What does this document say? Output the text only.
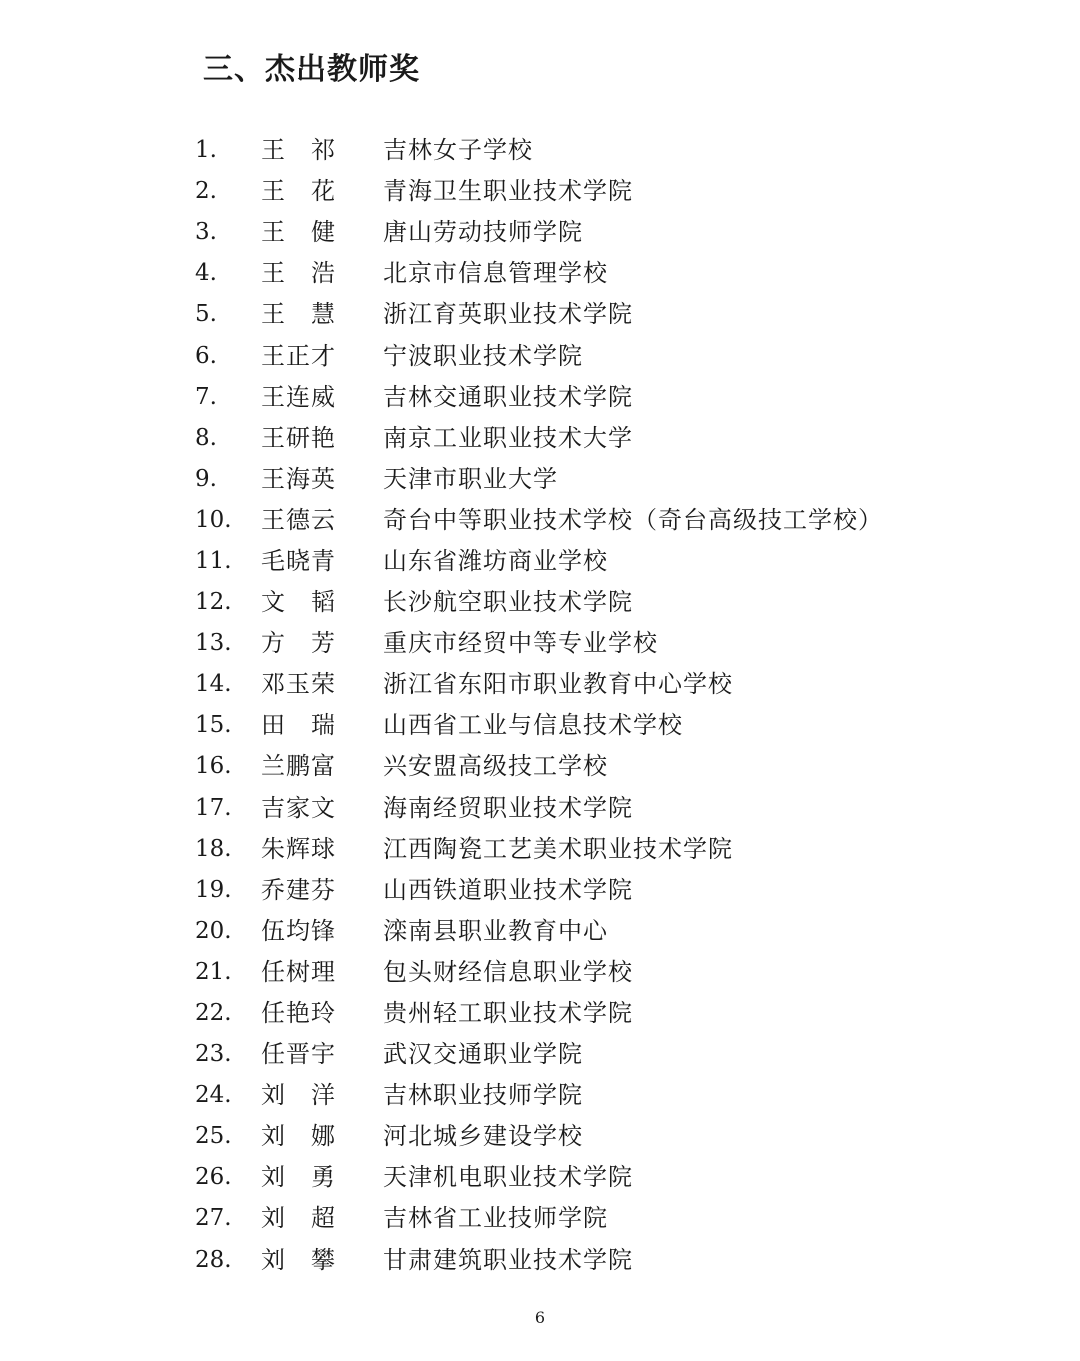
三、杰出教师奖
1.	王　祁	吉林女子学校
2.	王　花	青海卫生职业技术学院
3.	王　健	唐山劳动技师学院
4.	王　浩	北京市信息管理学校
5.	王　慧	浙江育英职业技术学院
6.	王正才	宁波职业技术学院
7.	王连威	吉林交通职业技术学院
8.	王研艳	南京工业职业技术大学
9.	王海英	天津市职业大学
10.	王德云	奇台中等职业技术学校（奇台高级技工学校）
11.	毛晓青	山东省潍坊商业学校
12.	文　韬	长沙航空职业技术学院
13.	方　芳	重庆市经贸中等专业学校
14.	邓玉荣	浙江省东阳市职业教育中心学校
15.	田　瑞	山西省工业与信息技术学校
16.	兰鹏富	兴安盟高级技工学校
17.	吉家文	海南经贸职业技术学院
18.	朱辉球	江西陶瓷工艺美术职业技术学院
19.	乔建芬	山西铁道职业技术学院
20.	伍均锋	滦南县职业教育中心
21.	任树理	包头财经信息职业学校
22.	任艳玲	贵州轻工职业技术学院
23.	任晋宇	武汉交通职业学院
24.	刘　洋	吉林职业技师学院
25.	刘　娜	河北城乡建设学校
26.	刘　勇	天津机电职业技术学院
27.	刘　超	吉林省工业技师学院
28.	刘　攀	甘肃建筑职业技术学院
6
